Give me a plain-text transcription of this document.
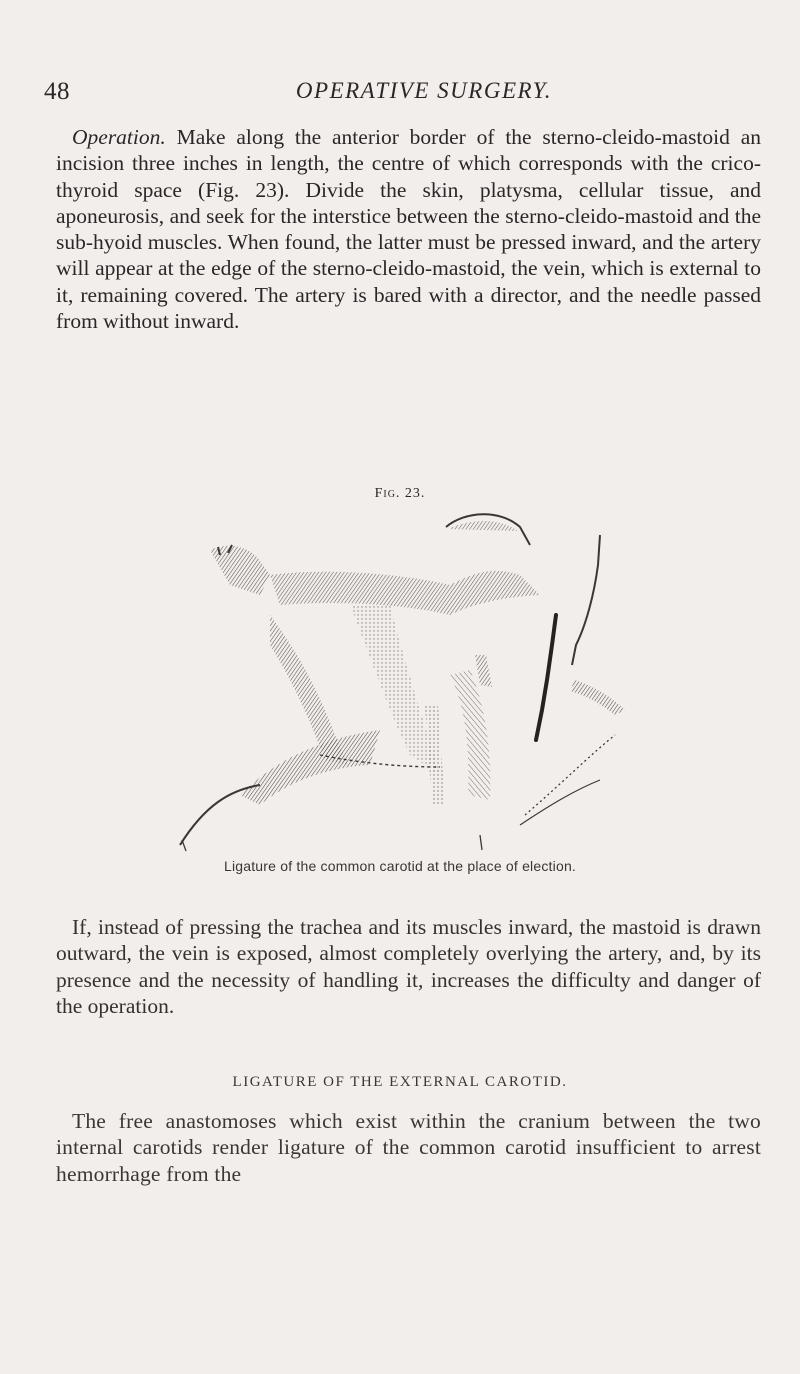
48	OPERATIVE SURGERY.

Operation. Make along the anterior border of the sterno-cleido-mastoid an incision three inches in length, the centre of which corresponds with the crico-thyroid space (Fig. 23). Divide the skin, platysma, cellular tissue, and aponeurosis, and seek for the interstice between the sterno-cleido-mastoid and the sub-hyoid muscles. When found, the latter must be pressed inward, and the artery will appear at the edge of the sterno-cleido-mastoid, the vein, which is external to it, remaining covered. The artery is bared with a director, and the needle passed from without inward.

Fig. 23.
Ligature of the common carotid at the place of election.

If, instead of pressing the trachea and its muscles inward, the mastoid is drawn outward, the vein is exposed, almost completely overlying the artery, and, by its presence and the necessity of handling it, increases the difficulty and danger of the operation.

LIGATURE OF THE EXTERNAL CAROTID.

The free anastomoses which exist within the cranium between the two internal carotids render ligature of the common carotid insufficient to arrest hemorrhage from the
